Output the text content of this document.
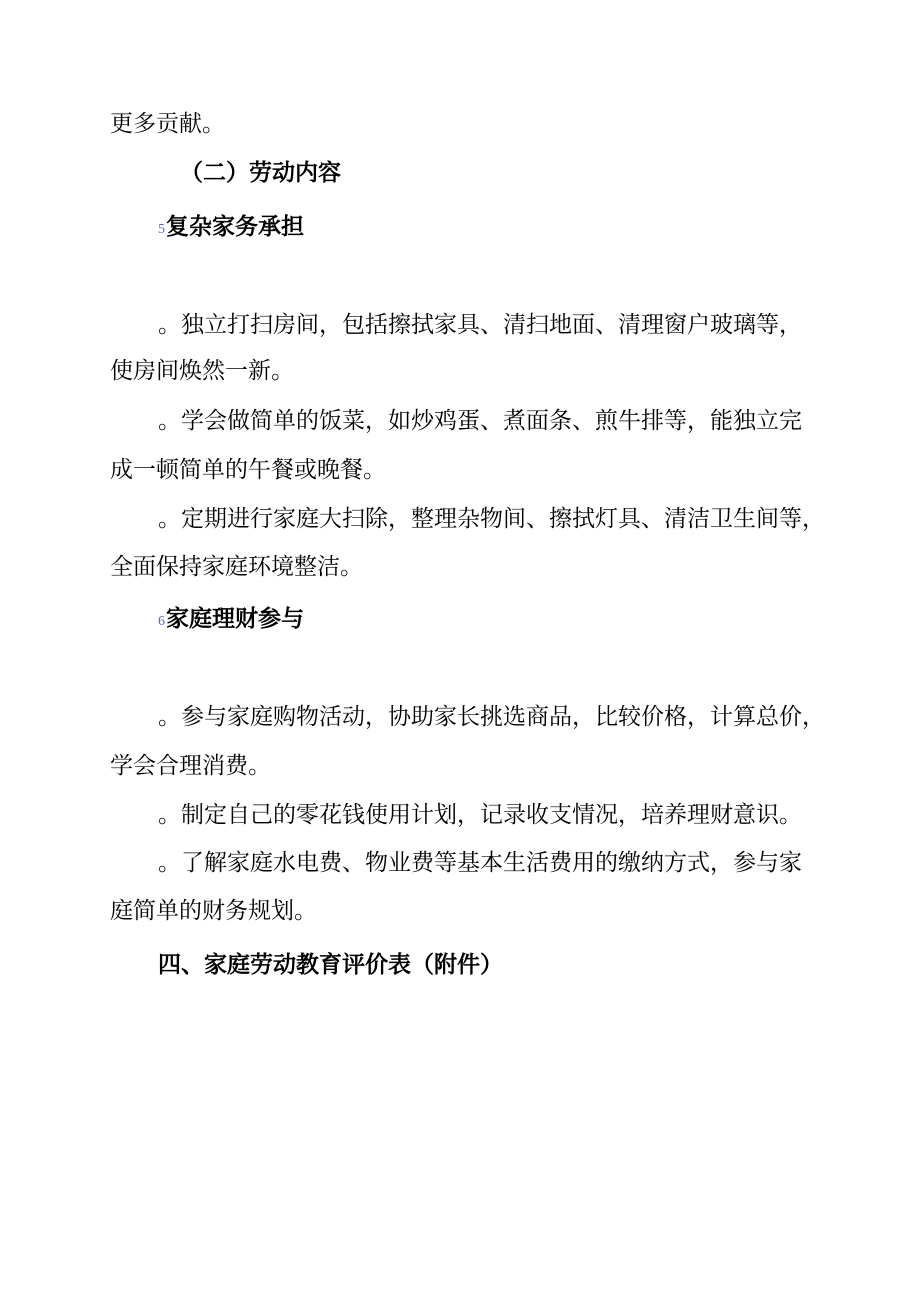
更多贡献。
（二）劳动内容
5复杂家务承担
。独立打扫房间，包括擦拭家具、清扫地面、清理窗户玻璃等，
使房间焕然一新。
。学会做简单的饭菜，如炒鸡蛋、煮面条、煎牛排等，能独立完
成一顿简单的午餐或晚餐。
。定期进行家庭大扫除，整理杂物间、擦拭灯具、清洁卫生间等，
全面保持家庭环境整洁。
6家庭理财参与
。参与家庭购物活动，协助家长挑选商品，比较价格，计算总价，
学会合理消费。
。制定自己的零花钱使用计划，记录收支情况，培养理财意识。
。了解家庭水电费、物业费等基本生活费用的缴纳方式，参与家
庭简单的财务规划。
四、家庭劳动教育评价表（附件）
